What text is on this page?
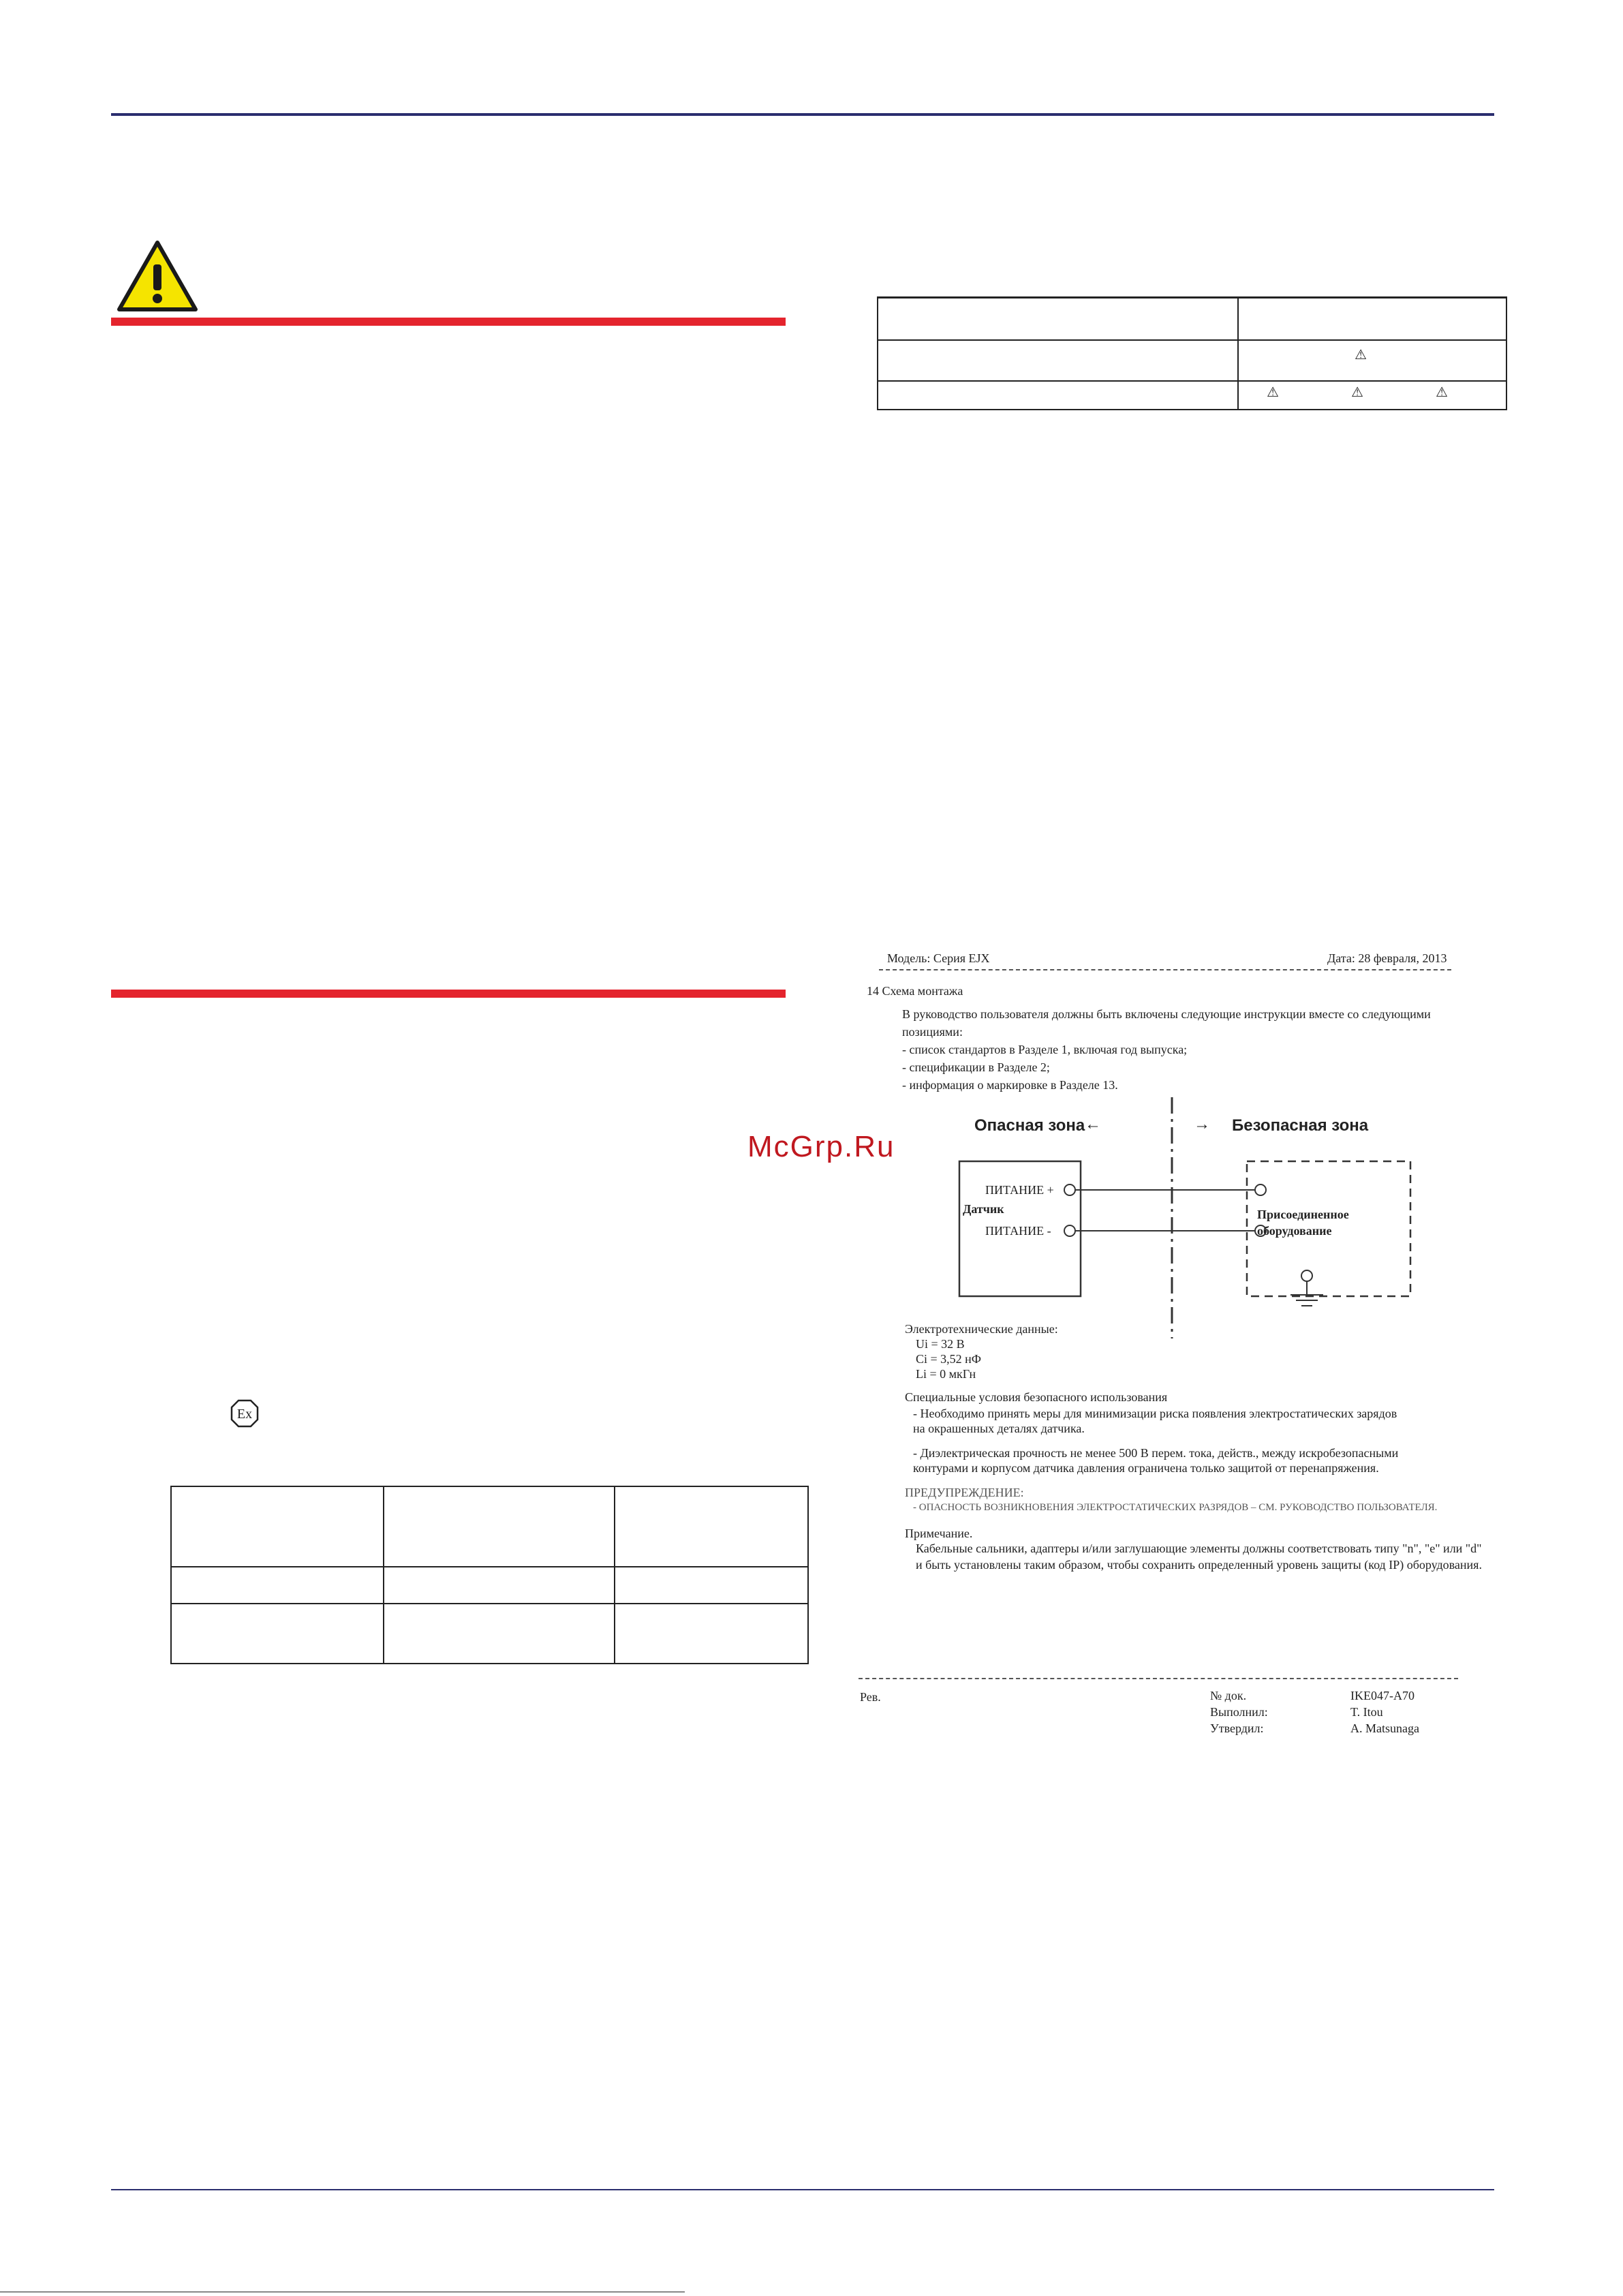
McGrp.Ru
Ex
⚠
⚠	⚠	⚠
Модель: Серия EJX	Дата: 28 февраля, 2013
14 Схема монтажа
В руководство пользователя должны быть включены следующие инструкции вместе со следующими
позициями:
- список стандартов в Разделе 1, включая год выпуска;
- спецификации в Разделе 2;
- информация о маркировке в Разделе 13.
Опасная зона ←	→ Безопасная зона
ПИТАНИЕ +
Датчик
ПИТАНИЕ -
Присоединенное
оборудование
Электротехнические данные:
Ui = 32 В
Ci = 3,52 нФ
Li = 0 мкГн
Специальные условия безопасного использования
- Необходимо принять меры для минимизации риска появления электростатических зарядов
на окрашенных деталях датчика.
- Диэлектрическая прочность не менее 500 В перем. тока, действ., между искробезопасными
контурами и корпусом датчика давления ограничена только защитой от перенапряжения.
ПРЕДУПРЕЖДЕНИЕ:
- ОПАСНОСТЬ ВОЗНИКНОВЕНИЯ ЭЛЕКТРОСТАТИЧЕСКИХ РАЗРЯДОВ – СМ. РУКОВОДСТВО ПОЛЬЗОВАТЕЛЯ.
Примечание.
Кабельные сальники, адаптеры и/или заглушающие элементы должны соответствовать типу "n", "e" или "d"
и быть установлены таким образом, чтобы сохранить определенный уровень защиты (код IP) оборудования.
Рев.	№ док.	IKE047-A70
Выполнил:	T. Itou
Утвердил:	A. Matsunaga
